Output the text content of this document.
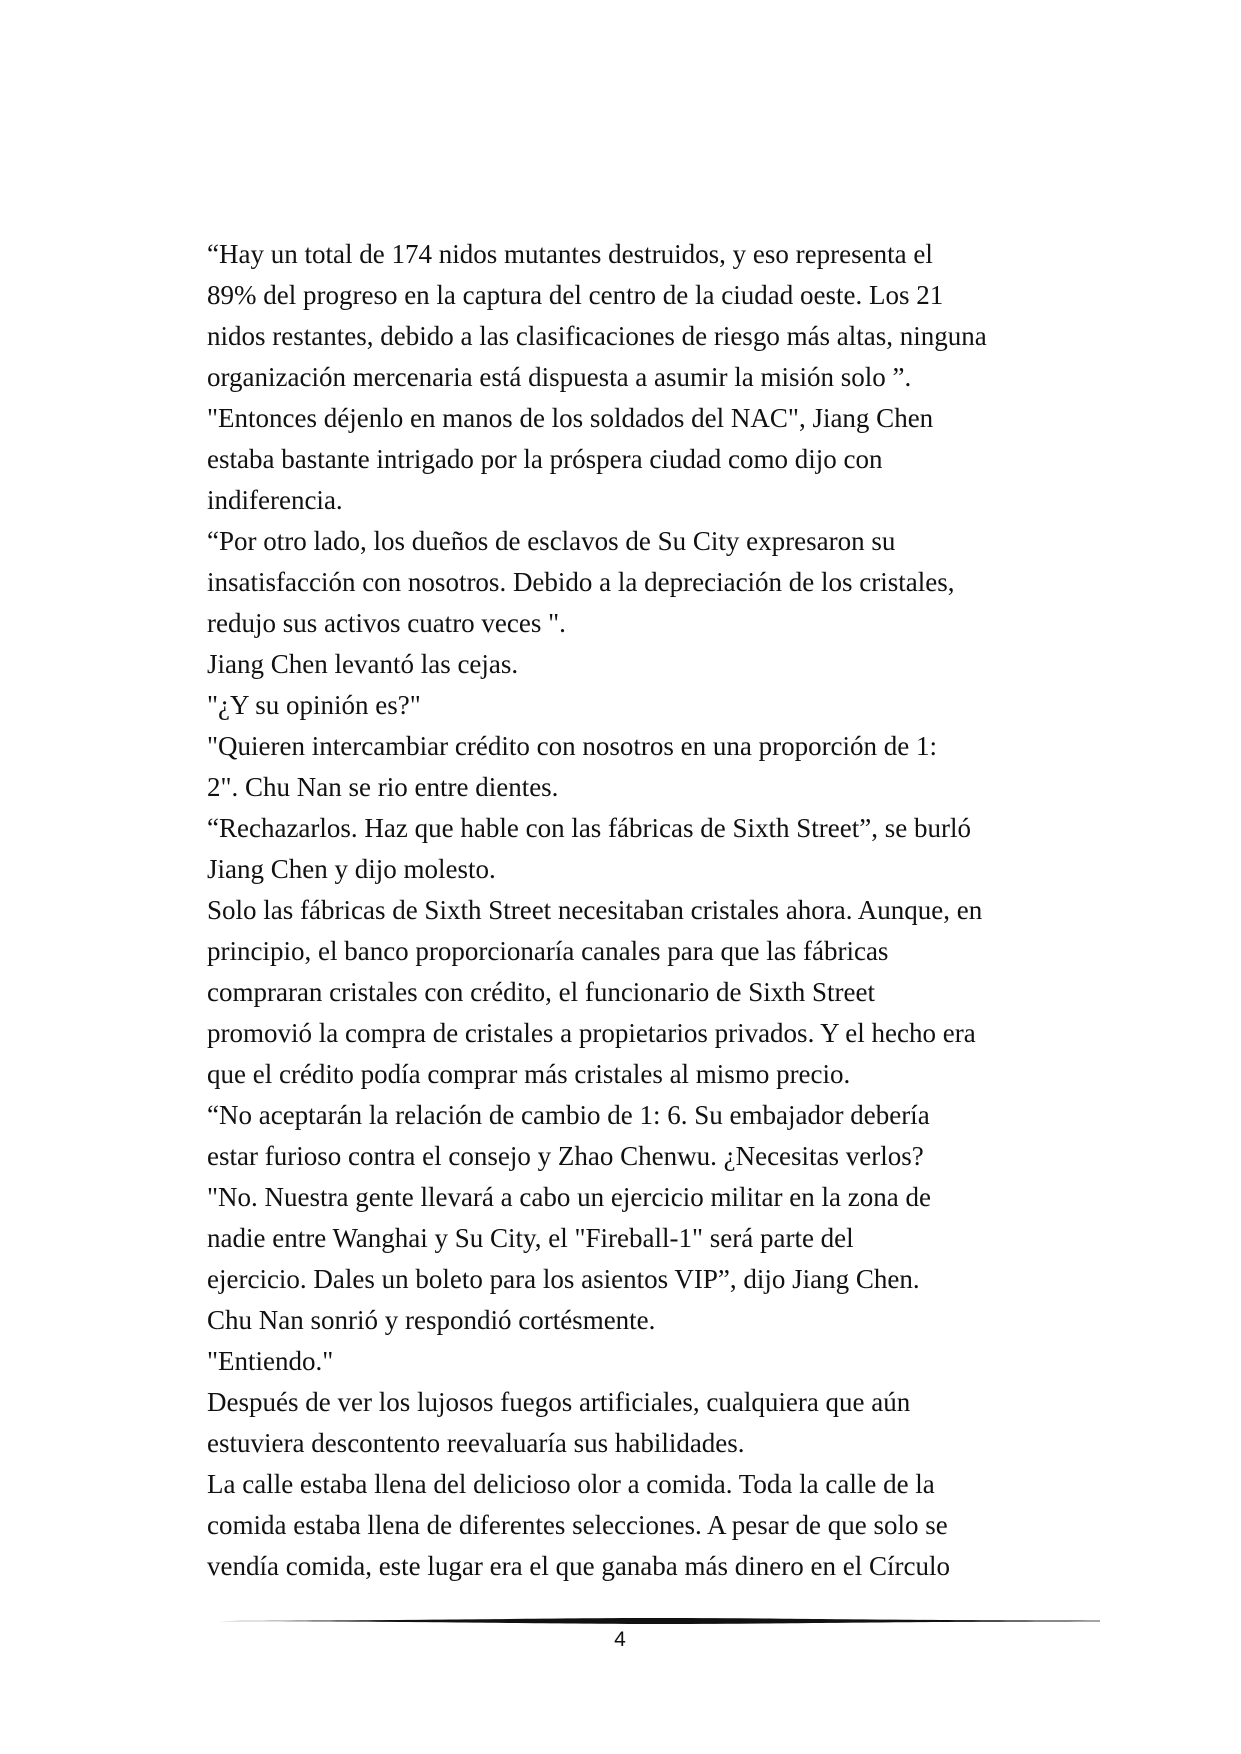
“Hay un total de 174 nidos mutantes destruidos, y eso representa el
89% del progreso en la captura del centro de la ciudad oeste. Los 21
nidos restantes, debido a las clasificaciones de riesgo más altas, ninguna
organización mercenaria está dispuesta a asumir la misión solo ”.
"Entonces déjenlo en manos de los soldados del NAC", Jiang Chen
estaba bastante intrigado por la próspera ciudad como dijo con
indiferencia.
“Por otro lado, los dueños de esclavos de Su City expresaron su
insatisfacción con nosotros. Debido a la depreciación de los cristales,
redujo sus activos cuatro veces ".
Jiang Chen levantó las cejas.
"¿Y su opinión es?"
"Quieren intercambiar crédito con nosotros en una proporción de 1:
2". Chu Nan se rio entre dientes.
“Rechazarlos. Haz que hable con las fábricas de Sixth Street”, se burló
Jiang Chen y dijo molesto.
Solo las fábricas de Sixth Street necesitaban cristales ahora. Aunque, en
principio, el banco proporcionaría canales para que las fábricas
compraran cristales con crédito, el funcionario de Sixth Street
promovió la compra de cristales a propietarios privados. Y el hecho era
que el crédito podía comprar más cristales al mismo precio.
“No aceptarán la relación de cambio de 1: 6. Su embajador debería
estar furioso contra el consejo y Zhao Chenwu. ¿Necesitas verlos?
"No. Nuestra gente llevará a cabo un ejercicio militar en la zona de
nadie entre Wanghai y Su City, el "Fireball-1" será parte del
ejercicio. Dales un boleto para los asientos VIP”, dijo Jiang Chen.
Chu Nan sonrió y respondió cortésmente.
"Entiendo."
Después de ver los lujosos fuegos artificiales, cualquiera que aún
estuviera descontento reevaluaría sus habilidades.
La calle estaba llena del delicioso olor a comida. Toda la calle de la
comida estaba llena de diferentes selecciones. A pesar de que solo se
vendía comida, este lugar era el que ganaba más dinero en el Círculo
4
